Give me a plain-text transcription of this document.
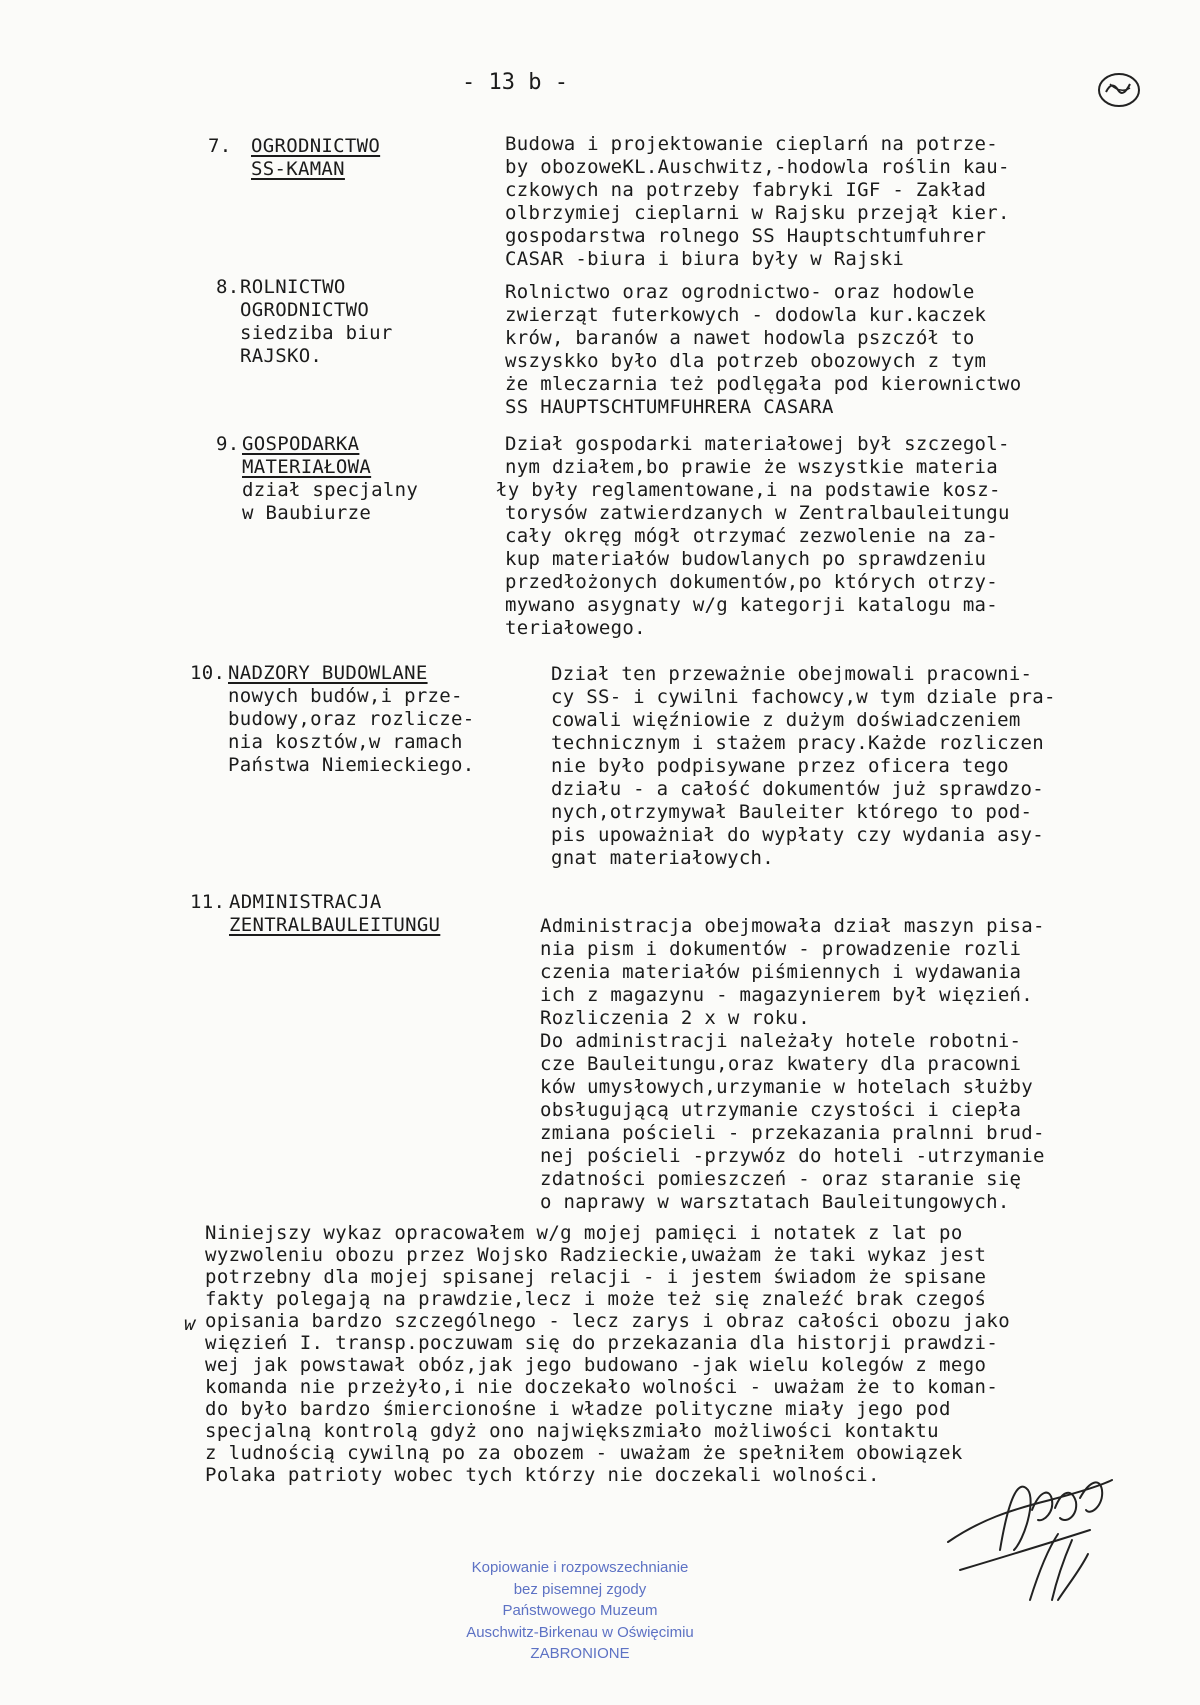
- 13 b -
7. OGRODNICTWO
SS-KAMAN
Budowa i projektowanie cieplarń na potrze-
by obozoweKL.Auschwitz,-hodowla roślin kau-
czkowych na potrzeby fabryki IGF - Zakład
olbrzymiej cieplarni w Rajsku przejął kier.
gospodarstwa rolnego SS Hauptschtumfuhrer
CASAR -biura i biura były w Rajski
8. ROLNICTWO
OGRODNICTWO
siedziba biur
RAJSKO.
Rolnictwo oraz ogrodnictwo- oraz hodowle
zwierząt futerkowych - dodowla kur.kaczek
krów, baranów a nawet hodowla pszczół to
wszyskko było dla potrzeb obozowych z tym
że mleczarnia też podlęgała pod kierownictwo
SS HAUPTSCHTUMFUHRERA CASARA
9. GOSPODARKA
MATERIAŁOWA
dział specjalny
w Baubiurze
Dział gospodarki materiałowej był szczegol-
nym działem,bo prawie że wszystkie materia
ły były reglamentowane,i na podstawie kosz-
torysów zatwierdzanych w Zentralbauleitungu
cały okręg mógł otrzymać zezwolenie na za-
kup materiałów budowlanych po sprawdzeniu
przedłożonych dokumentów,po których otrzy-
mywano asygnaty w/g kategorji katalogu ma-
teriałowego.
10. NADZORY BUDOWLANE
nowych budów,i prze-
budowy,oraz rozlicze-
nia kosztów,w ramach
Państwa Niemieckiego.
Dział ten przeważnie obejmowali pracowni-
cy SS- i cywilni fachowcy,w tym dziale pra-
cowali więźniowie z dużym doświadczeniem
technicznym i stażem pracy.Każde rozliczen
nie było podpisywane przez oficera tego
działu - a całość dokumentów już sprawdzo-
nych,otrzymywał Bauleiter którego to pod-
pis upoważniał do wypłaty czy wydania asy-
gnat materiałowych.
11. ADMINISTRACJA
ZENTRALBAULEITUNGU	Administracja obejmowała dział maszyn pisa-
nia pism i dokumentów - prowadzenie rozli
czenia materiałów piśmiennych i wydawania
ich z magazynu - magazynierem był więzień.
Rozliczenia 2 x w roku.
Do administracji należały hotele robotni-
cze Bauleitungu,oraz kwatery dla pracowni
ków umysłowych,urzymanie w hotelach służby
obsługującą utrzymanie czystości i ciepła
zmiana pościeli - przekazania pralnni brud-
nej pościeli -przywóz do hoteli -utrzymanie
zdatności pomieszczeń - oraz staranie się
o naprawy w warsztatach Bauleitungowych.
Niniejszy wykaz opracowałem w/g mojej pamięci i notatek z lat po
wyzwoleniu obozu przez Wojsko Radzieckie,uważam że taki wykaz jest
potrzebny dla mojej spisanej relacji - i jestem świadom że spisane
fakty polegają na prawdzie,lecz i może też się znaleźć brak czegoś
opisania bardzo szczególnego - lecz zarys i obraz całości obozu jako
więzień I. transp.poczuwam się do przekazania dla historji prawdzi-
wej jak powstawał obóz,jak jego budowano -jak wielu kolegów z mego
komanda nie przeżyło,i nie doczekało wolności - uważam że to koman-
do było bardzo śmiercionośne i władze polityczne miały jego pod
specjalną kontrolą gdyż ono największmiało możliwości kontaktu
z ludnością cywilną po za obozem - uważam że spełniłem obowiązek
Polaka patrioty wobec tych którzy nie doczekali wolności.
w
Kopiowanie i rozpowszechnianie
bez pisemnej zgody
Państwowego Muzeum
Auschwitz-Birkenau w Oświęcimiu
ZABRONIONE
